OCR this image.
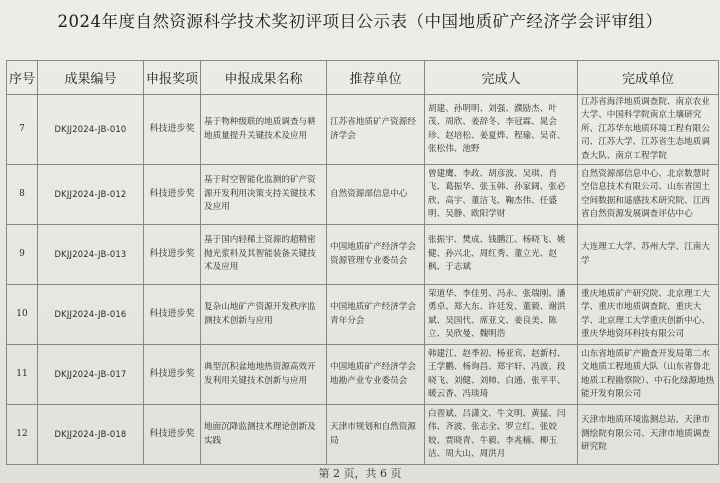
2024年度自然资源科学技术奖初评项目公示表（中国地质矿产经济学会评审组）
序号	成果编号	申报奖项	申报成果名称	推荐单位	完成人	完成单位
7	DKJJ2024-JB-010	科技进步奖	基于物种级联的地质调查与耕地质量提升关键技术及应用	江苏省地质矿产资源经济学会	胡建、孙明明、刘强、濮励杰、叶茂、周欣、姜辞冬、李冠霖、晁会珍、赵培松、姜夏烨、程瑜、吴奇、张松伟、池野	江苏省海洋地质调查院、南京农业大学、中国科学院南京土壤研究所、江苏华东地质环境工程有限公司、江苏大学、江苏省生态地质调查大队、南京工程学院
8	DKJJ2024-JB-012	科技进步奖	基于时空智能化监测的矿产资源开发利用决策支持关键技术及应用	自然资源部信息中心	曾建鹰、李政、胡彦波、吴琪、肖飞、葛振华、张玉韩、孙家阔、张必欣、高宇、董洁飞、鞠杰伟、任盛明、吴静、欧阳学财	自然资源部信息中心、北京数慧时空信息技术有限公司、山东省国土空间数据和遥感技术研究院、江西省自然资源发展调查评估中心
9	DKJJ2024-JB-013	科技进步奖	基于国内轻稀土资源的超精密抛光浆料及其智能装备关键技术及应用	中国地质矿产经济学会资源管理专业委员会	张振宇、樊成、钱鹏江、杨晓飞、姚健、孙兴北、周红秀、董立光、赵枫、于志斌	大连理工大学、苏州大学、江南大学
10	DKJJ2024-JB-016	科技进步奖	复杂山地矿产资源开发秩序监测技术创新与应用	中国地质矿产经济学会青年分会	荣道华、李佳男、冯永、张瑞刚、潘勇卓、郑大东、许廷发、董毅、谢洪斌、吴国代、席亚文、姜良美、陈立、吴欣曼、魏明浩	重庆地质矿产研究院、北京理工大学、重庆市地质调查院、重庆大学、北京理工大学重庆创新中心、重庆华地资环科技有限公司
11	DKJJ2024-JB-017	科技进步奖	典型沉积盆地地热资源高效开发利用关键技术创新与应用	中国地质矿产经济学会地勘产业专业委员会	韩建江、赵季初、杨亚宾、赵新村、王学鹏、杨询昌、郑宇轩、冯波、段晓飞、刘健、刘帅、白通、张平平、暖云香、冯琰琦	山东省地质矿产勘查开发局第二水文地质工程地质大队（山东省鲁北地质工程勘察院）、中石化绿源地热能开发有限公司
12	DKJJ2024-JB-018	科技进步奖	地面沉降监测技术理论创新及实践	天津市规划和自然资源局	白晋斌、吕潇文、牛文明、黄猛、闫伟、齐波、张志全、罗立红、张姣姣、贾晓青、牛毅、李兆楠、柳玉洁、周大山、周洪月	天津市地质环境监测总站、天津市测绘院有限公司、天津市地质调查研究院
第 2 页，共 6 页
